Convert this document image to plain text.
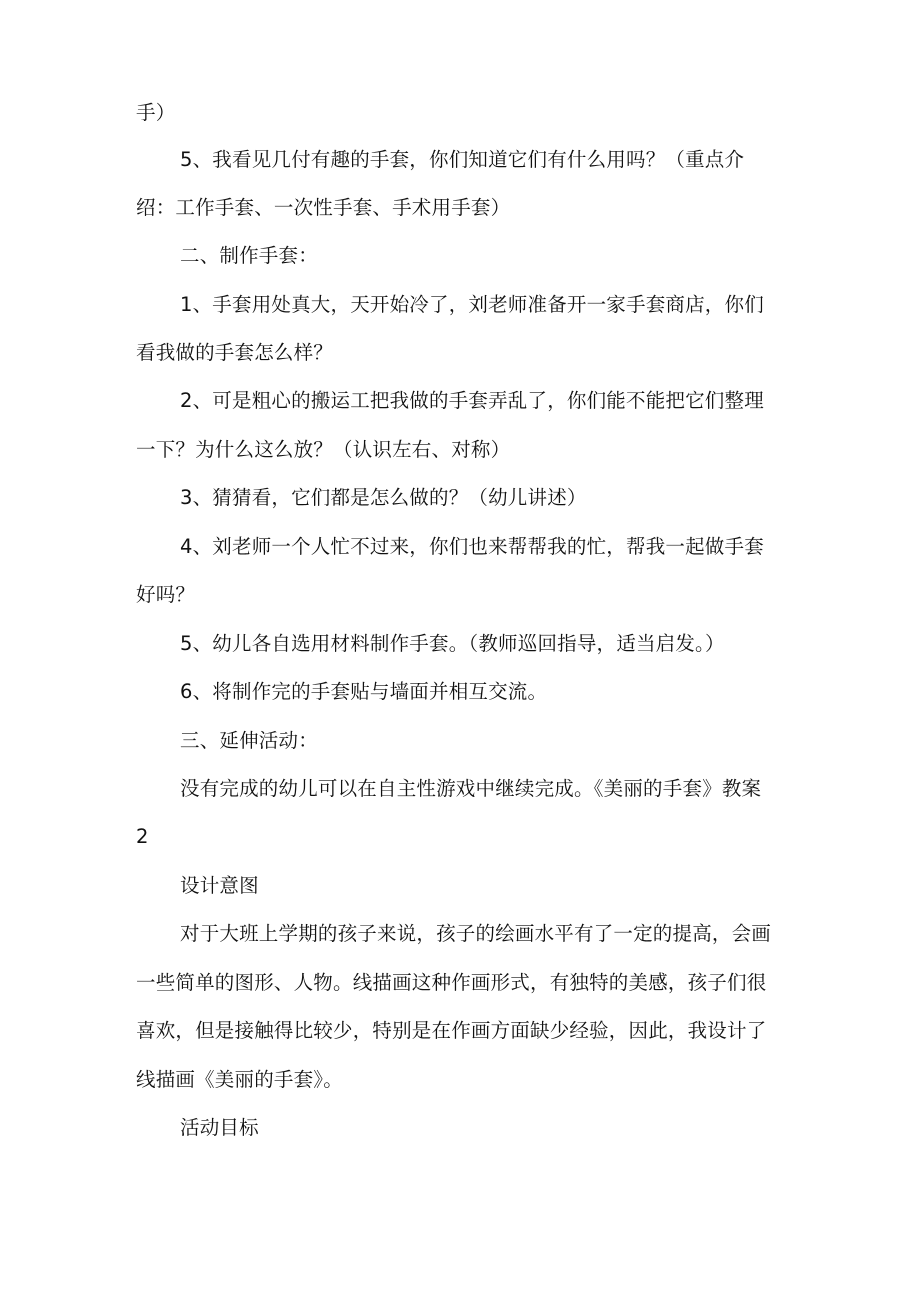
手）
5、我看见几付有趣的手套，你们知道它们有什么用吗？（重点介
绍：工作手套、一次性手套、手术用手套）
二、制作手套：
1、手套用处真大，天开始冷了，刘老师准备开一家手套商店，你们
看我做的手套怎么样？
2、可是粗心的搬运工把我做的手套弄乱了，你们能不能把它们整理
一下？为什么这么放？（认识左右、对称）
3、猜猜看，它们都是怎么做的？（幼儿讲述）
4、刘老师一个人忙不过来，你们也来帮帮我的忙，帮我一起做手套
好吗？
5、幼儿各自选用材料制作手套。（教师巡回指导，适当启发。）
6、将制作完的手套贴与墙面并相互交流。
三、延伸活动：
没有完成的幼儿可以在自主性游戏中继续完成。《美丽的手套》教案
2
设计意图
对于大班上学期的孩子来说，孩子的绘画水平有了一定的提高，会画
一些简单的图形、人物。线描画这种作画形式，有独特的美感，孩子们很
喜欢，但是接触得比较少，特别是在作画方面缺少经验，因此，我设计了
线描画《美丽的手套》。
活动目标
